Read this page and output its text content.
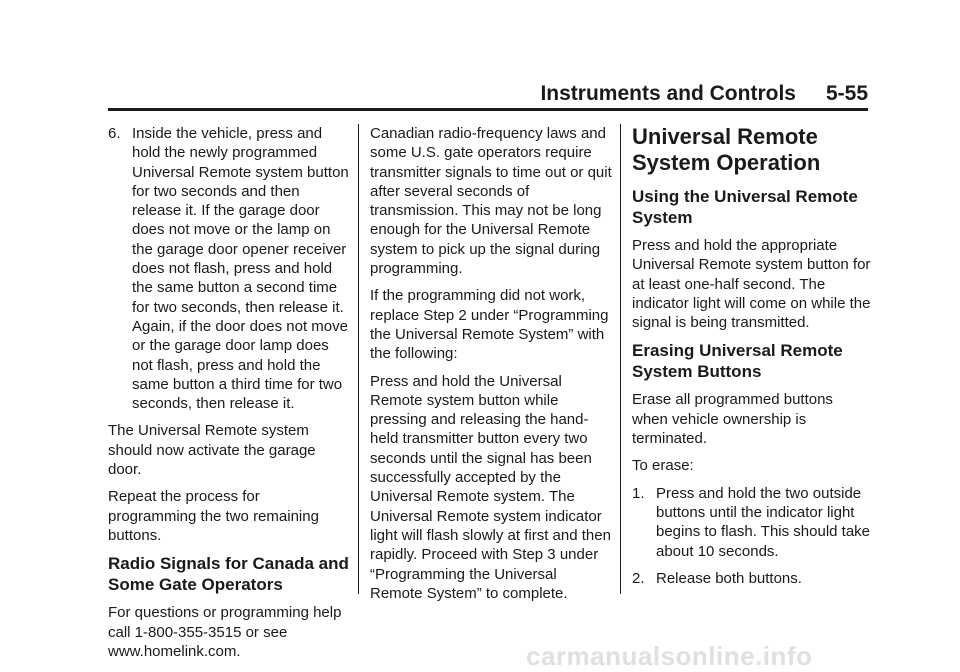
Instruments and Controls 5-55
6. Inside the vehicle, press and hold the newly programmed Universal Remote system button for two seconds and then release it. If the garage door does not move or the lamp on the garage door opener receiver does not flash, press and hold the same button a second time for two seconds, then release it. Again, if the door does not move or the garage door lamp does not flash, press and hold the same button a third time for two seconds, then release it.

The Universal Remote system should now activate the garage door.

Repeat the process for programming the two remaining buttons.

Radio Signals for Canada and Some Gate Operators

For questions or programming help call 1-800-355-3515 or see www.homelink.com.

Canadian radio-frequency laws and some U.S. gate operators require transmitter signals to time out or quit after several seconds of transmission. This may not be long enough for the Universal Remote system to pick up the signal during programming.

If the programming did not work, replace Step 2 under “Programming the Universal Remote System” with the following:

Press and hold the Universal Remote system button while pressing and releasing the hand-held transmitter button every two seconds until the signal has been successfully accepted by the Universal Remote system. The Universal Remote system indicator light will flash slowly at first and then rapidly. Proceed with Step 3 under “Programming the Universal Remote System” to complete.

Universal Remote System Operation
Using the Universal Remote System

Press and hold the appropriate Universal Remote system button for at least one-half second. The indicator light will come on while the signal is being transmitted.

Erasing Universal Remote System Buttons

Erase all programmed buttons when vehicle ownership is terminated.

To erase:

1. Press and hold the two outside buttons until the indicator light begins to flash. This should take about 10 seconds.
2. Release both buttons.
carmanualsonline.info
